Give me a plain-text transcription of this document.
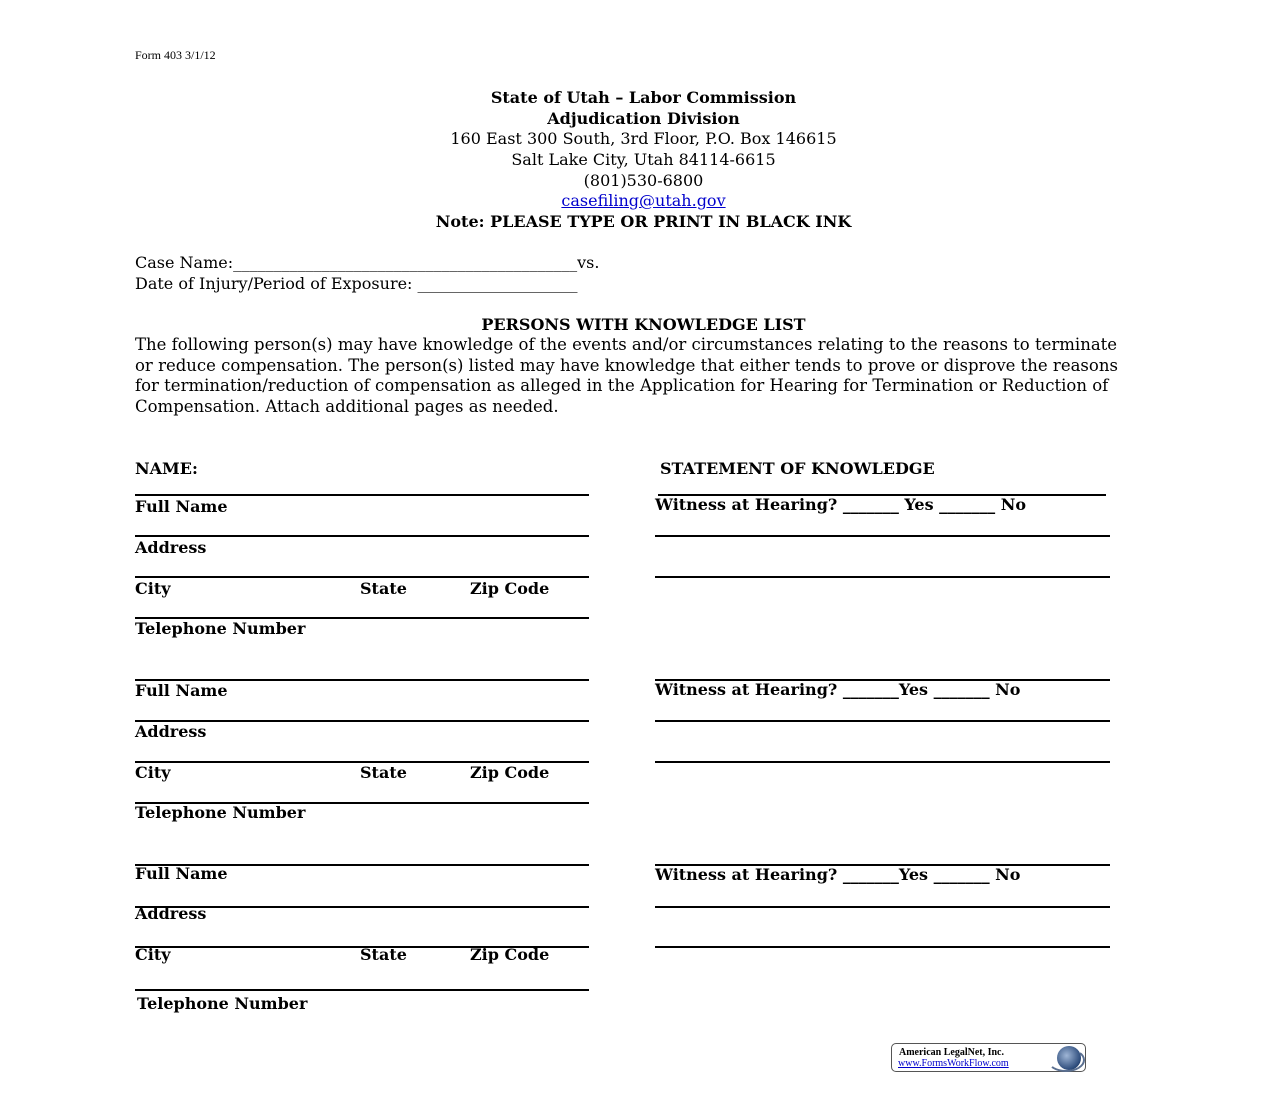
Form 403 3/1/12
State of Utah – Labor Commission
Adjudication Division
160 East 300 South, 3rd Floor, P.O. Box 146615
Salt Lake City, Utah 84114-6615
(801)530-6800
casefiling@utah.gov
Note: PLEASE TYPE OR PRINT IN BLACK INK
Case Name:___________________________________________vs.
Date of Injury/Period of Exposure: ____________________
PERSONS WITH KNOWLEDGE LIST
The following person(s) may have knowledge of the events and/or circumstances relating to the reasons to terminate or reduce compensation. The person(s) listed may have knowledge that either tends to prove or disprove the reasons for termination/reduction of compensation as alleged in the Application for Hearing for Termination or Reduction of Compensation. Attach additional pages as needed.
NAME:	STATEMENT OF KNOWLEDGE
Full Name
Address
City	State	Zip Code
Telephone Number
Witness at Hearing? _______ Yes _______ No
Full Name
Address
City	State	Zip Code
Telephone Number
Witness at Hearing? _______Yes _______ No
Full Name
Address
City	State	Zip Code
Telephone Number
Witness at Hearing? _______Yes _______ No
American LegalNet, Inc.
www.FormsWorkFlow.com
